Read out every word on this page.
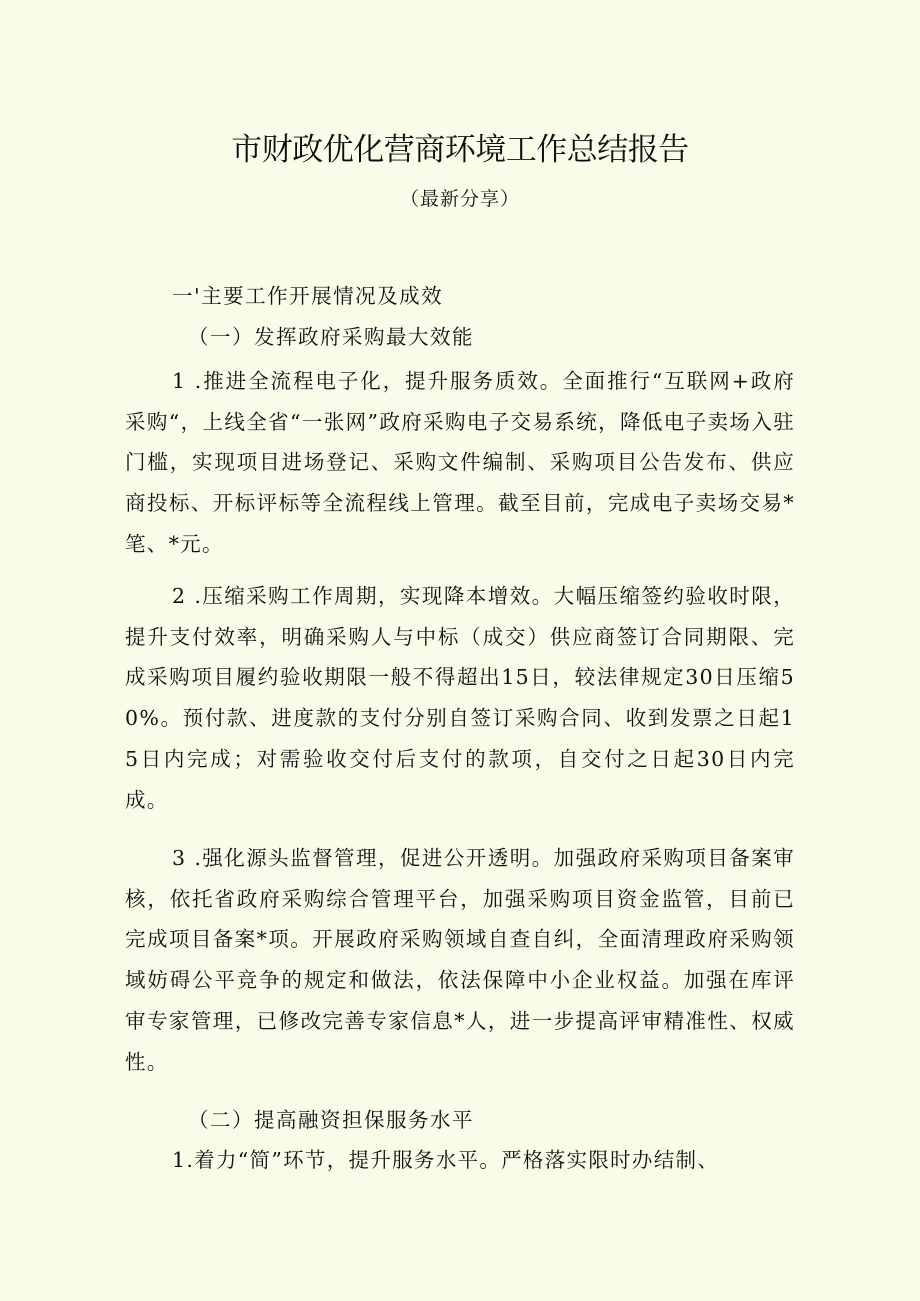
市财政优化营商环境工作总结报告
（最新分享）
一'主要工作开展情况及成效
（一）发挥政府采购最大效能
1 .推进全流程电子化，提升服务质效。全面推行“互联网+政府采购“，上线全省“一张网”政府采购电子交易系统，降低电子卖场入驻门槛，实现项目进场登记、采购文件编制、采购项目公告发布、供应商投标、开标评标等全流程线上管理。截至目前，完成电子卖场交易*笔、*元。
2 .压缩采购工作周期，实现降本增效。大幅压缩签约验收时限，提升支付效率，明确采购人与中标（成交）供应商签订合同期限、完成采购项目履约验收期限一般不得超出15日，较法律规定30日压缩50%。预付款、进度款的支付分别自签订采购合同、收到发票之日起15日内完成；对需验收交付后支付的款项，自交付之日起30日内完成。
3 .强化源头监督管理，促进公开透明。加强政府采购项目备案审核，依托省政府采购综合管理平台，加强采购项目资金监管，目前已完成项目备案*项。开展政府采购领域自查自纠，全面清理政府采购领域妨碍公平竞争的规定和做法，依法保障中小企业权益。加强在库评审专家管理，已修改完善专家信息*人，进一步提高评审精准性、权威性。
（二）提高融资担保服务水平
1.着力“简”环节，提升服务水平。严格落实限时办结制、
